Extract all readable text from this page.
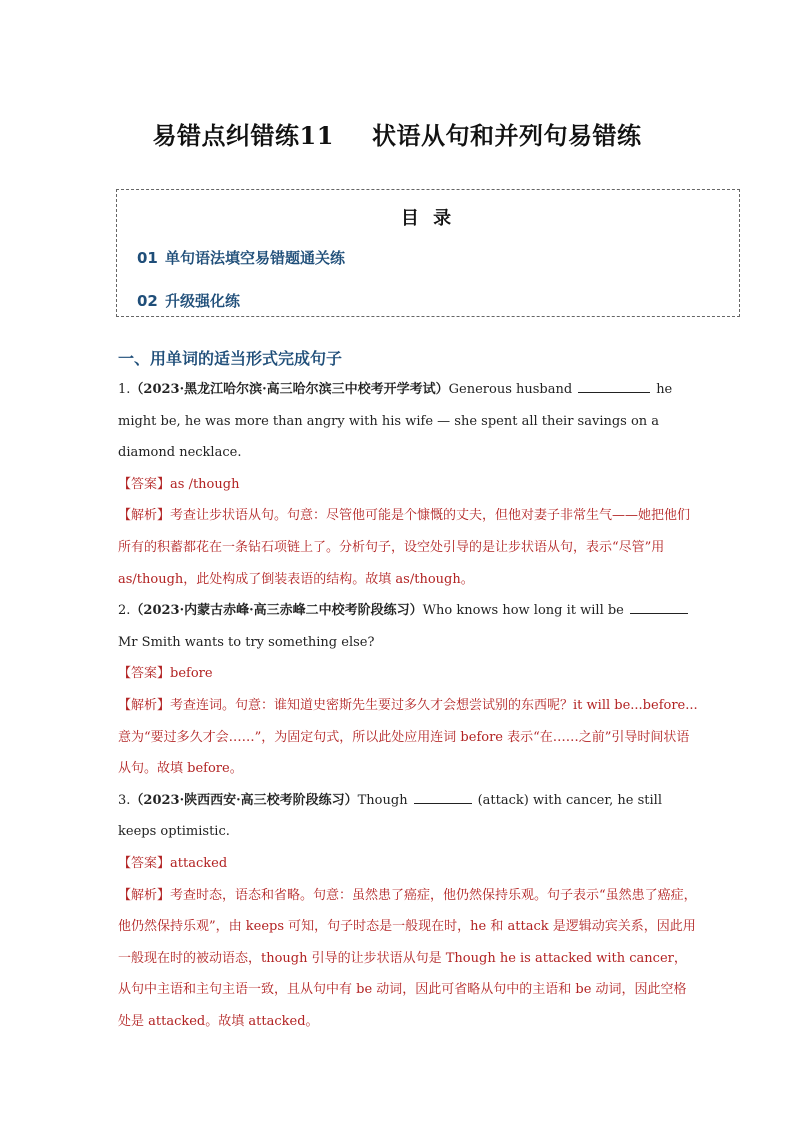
易错点纠错练11 状语从句和并列句易错练
目 录
01 单句语法填空易错题通关练
02 升级强化练
一、用单词的适当形式完成句子

1.（2023·黑龙江哈尔滨·高三哈尔滨三中校考开学考试）Generous husband	he might be, he was more than angry with his wife — she spent all their savings on a diamond necklace.

【答案】as /though

【解析】考查让步状语从句。句意：尽管他可能是个慷慨的丈夫，但他对妻子非常生气——她把他们所有的积蓄都花在一条钻石项链上了。分析句子，设空处引导的是让步状语从句，表示“尽管”用 as/though，此处构成了倒装表语的结构。故填 as/though。

2.（2023·内蒙古赤峰·高三赤峰二中校考阶段练习）Who knows how long it will beMr Smith wants to try something else?

【答案】before

【解析】考查连词。句意：谁知道史密斯先生要过多久才会想尝试别的东西呢？it will be...before...意为“要过多久才会……”，为固定句式，所以此处应用连词 before 表示“在……之前”引导时间状语从句。故填 before。

3.（2023·陕西西安·高三校考阶段练习）Though	(attack) with cancer, he still keeps optimistic.

【答案】attacked

【解析】考查时态，语态和省略。句意：虽然患了癌症，他仍然保持乐观。句子表示“虽然患了癌症，他仍然保持乐观”，由 keeps 可知，句子时态是一般现在时，he 和 attack 是逻辑动宾关系，因此用一般现在时的被动语态，though 引导的让步状语从句是 Though he is attacked with cancer，从句中主语和主句主语一致，且从句中有 be 动词，因此可省略从句中的主语和 be 动词，因此空格处是 attacked。故填 attacked。
